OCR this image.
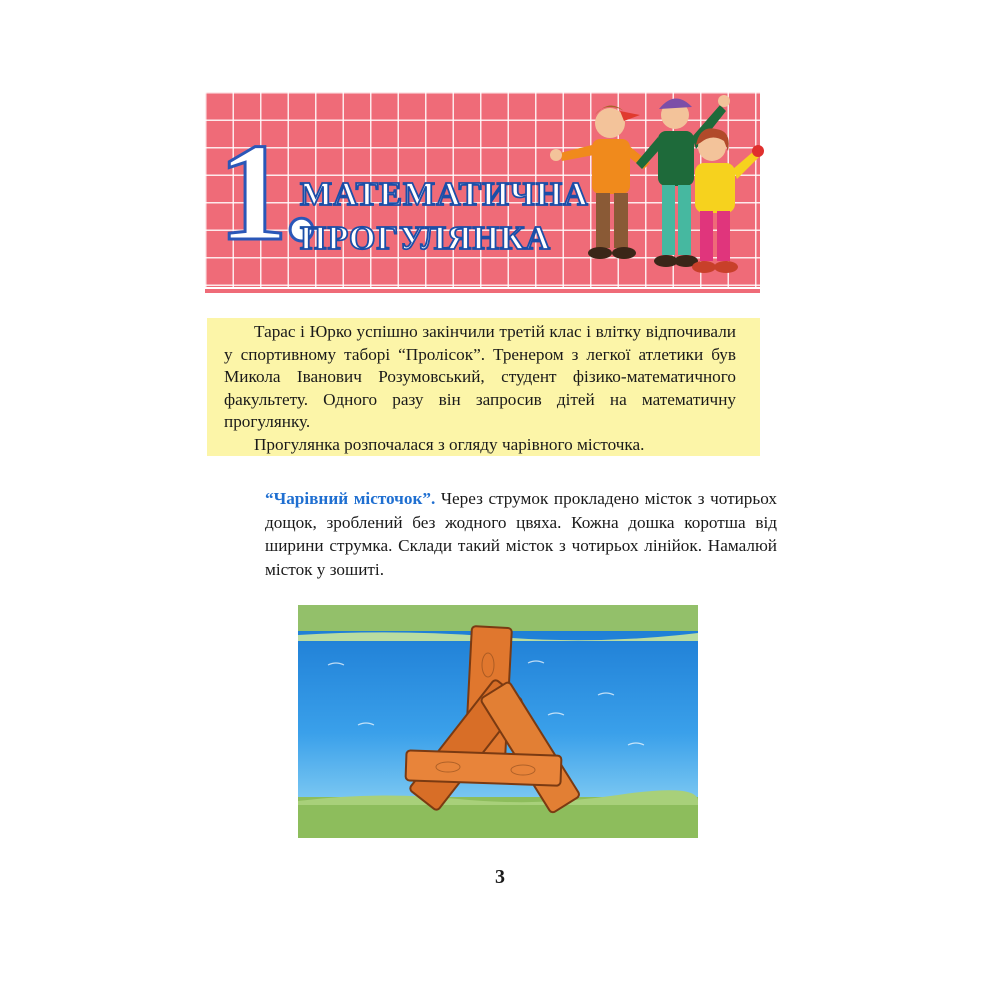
1.
МАТЕМАТИЧНА
ПРОГУЛЯНКА

Тарас і Юрко успішно закінчили третій клас і влітку відпочивали у спортивному таборі “Пролісок”. Тренером з легкої атлетики був Микола Іванович Розумовський, студент фізико-математичного факультету. Одного разу він запросив дітей на математичну прогулянку.

Прогулянка розпочалася з огляду чарівного місточка.

“Чарівний місточок”. Через струмок прокладено місток з чотирьох дощок, зроблений без жодного цвяха. Кожна дошка коротша від ширини струмка. Склади такий місток з чотирьох лінійок. Намалюй місток у зошиті.
3
